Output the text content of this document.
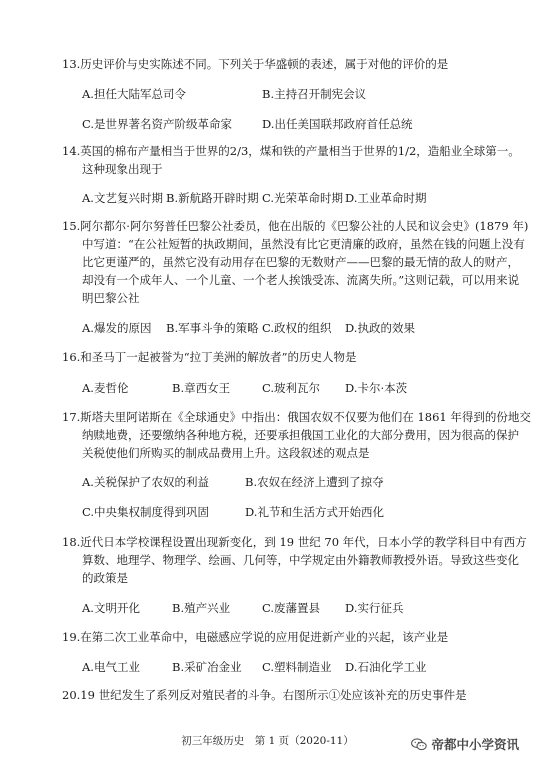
13.历史评价与史实陈述不同。下列关于华盛顿的表述，属于对他的评价的是
A.担任大陆军总司令	B.主持召开制宪会议
C.是世界著名资产阶级革命家	D.出任美国联邦政府首任总统
14.英国的棉布产量相当于世界的2/3，煤和铁的产量相当于世界的1/2，造船业全球第一。
这种现象出现于
A.文艺复兴时期 B.新航路开辟时期 C.光荣革命时期 D.工业革命时期
15.阿尔都尔·阿尔努普任巴黎公社委员，他在出版的《巴黎公社的人民和议会史》(1879 年)
中写道：“在公社短暂的执政期间，虽然没有比它更清廉的政府，虽然在钱的问题上没有
比它更谨严的，虽然它没有动用存在巴黎的无数财产——巴黎的最无情的敌人的财产，
却没有一个成年人、一个儿童、一个老人挨饿受冻、流离失所。”这则记载，可以用来说
明巴黎公社
A.爆发的原因 B.军事斗争的策略 C.政权的组织 D.执政的效果
16.和圣马丁一起被誉为“拉丁美洲的解放者”的历史人物是
A.麦哲伦	B.章西女王	C.玻利瓦尔 D.卡尔·本茨
17.斯塔夫里阿诺斯在《全球通史》中指出：俄国农奴不仅要为他们在 1861 年得到的份地交
纳赎地费，还要缴纳各种地方税，还要承担俄国工业化的大部分费用，因为很高的保护
关税使他们所购买的制成品费用上升。这段叙述的观点是
A.关税保护了农奴的利益	B.农奴在经济上遭到了掠夺
C.中央集权制度得到巩固	D.礼节和生活方式开始西化
18.近代日本学校课程设置出现新变化，到 19 世纪 70 年代，日本小学的教学科目中有西方
算数、地理学、物理学、绘画、几何等，中学规定由外籍教师教授外语。导致这些变化
的政策是
A.文明开化	B.殖产兴业	C.废藩置县 D.实行征兵
19.在第二次工业革命中，电磁感应学说的应用促进新产业的兴起，该产业是
A.电气工业	B.采矿冶金业 C.塑料制造业 D.石油化学工业
20.19 世纪发生了系列反对殖民者的斗争。右图所示①处应该补充的历史事件是
初三年级历史　第 1 页（2020-11）	帝都中小学资讯
